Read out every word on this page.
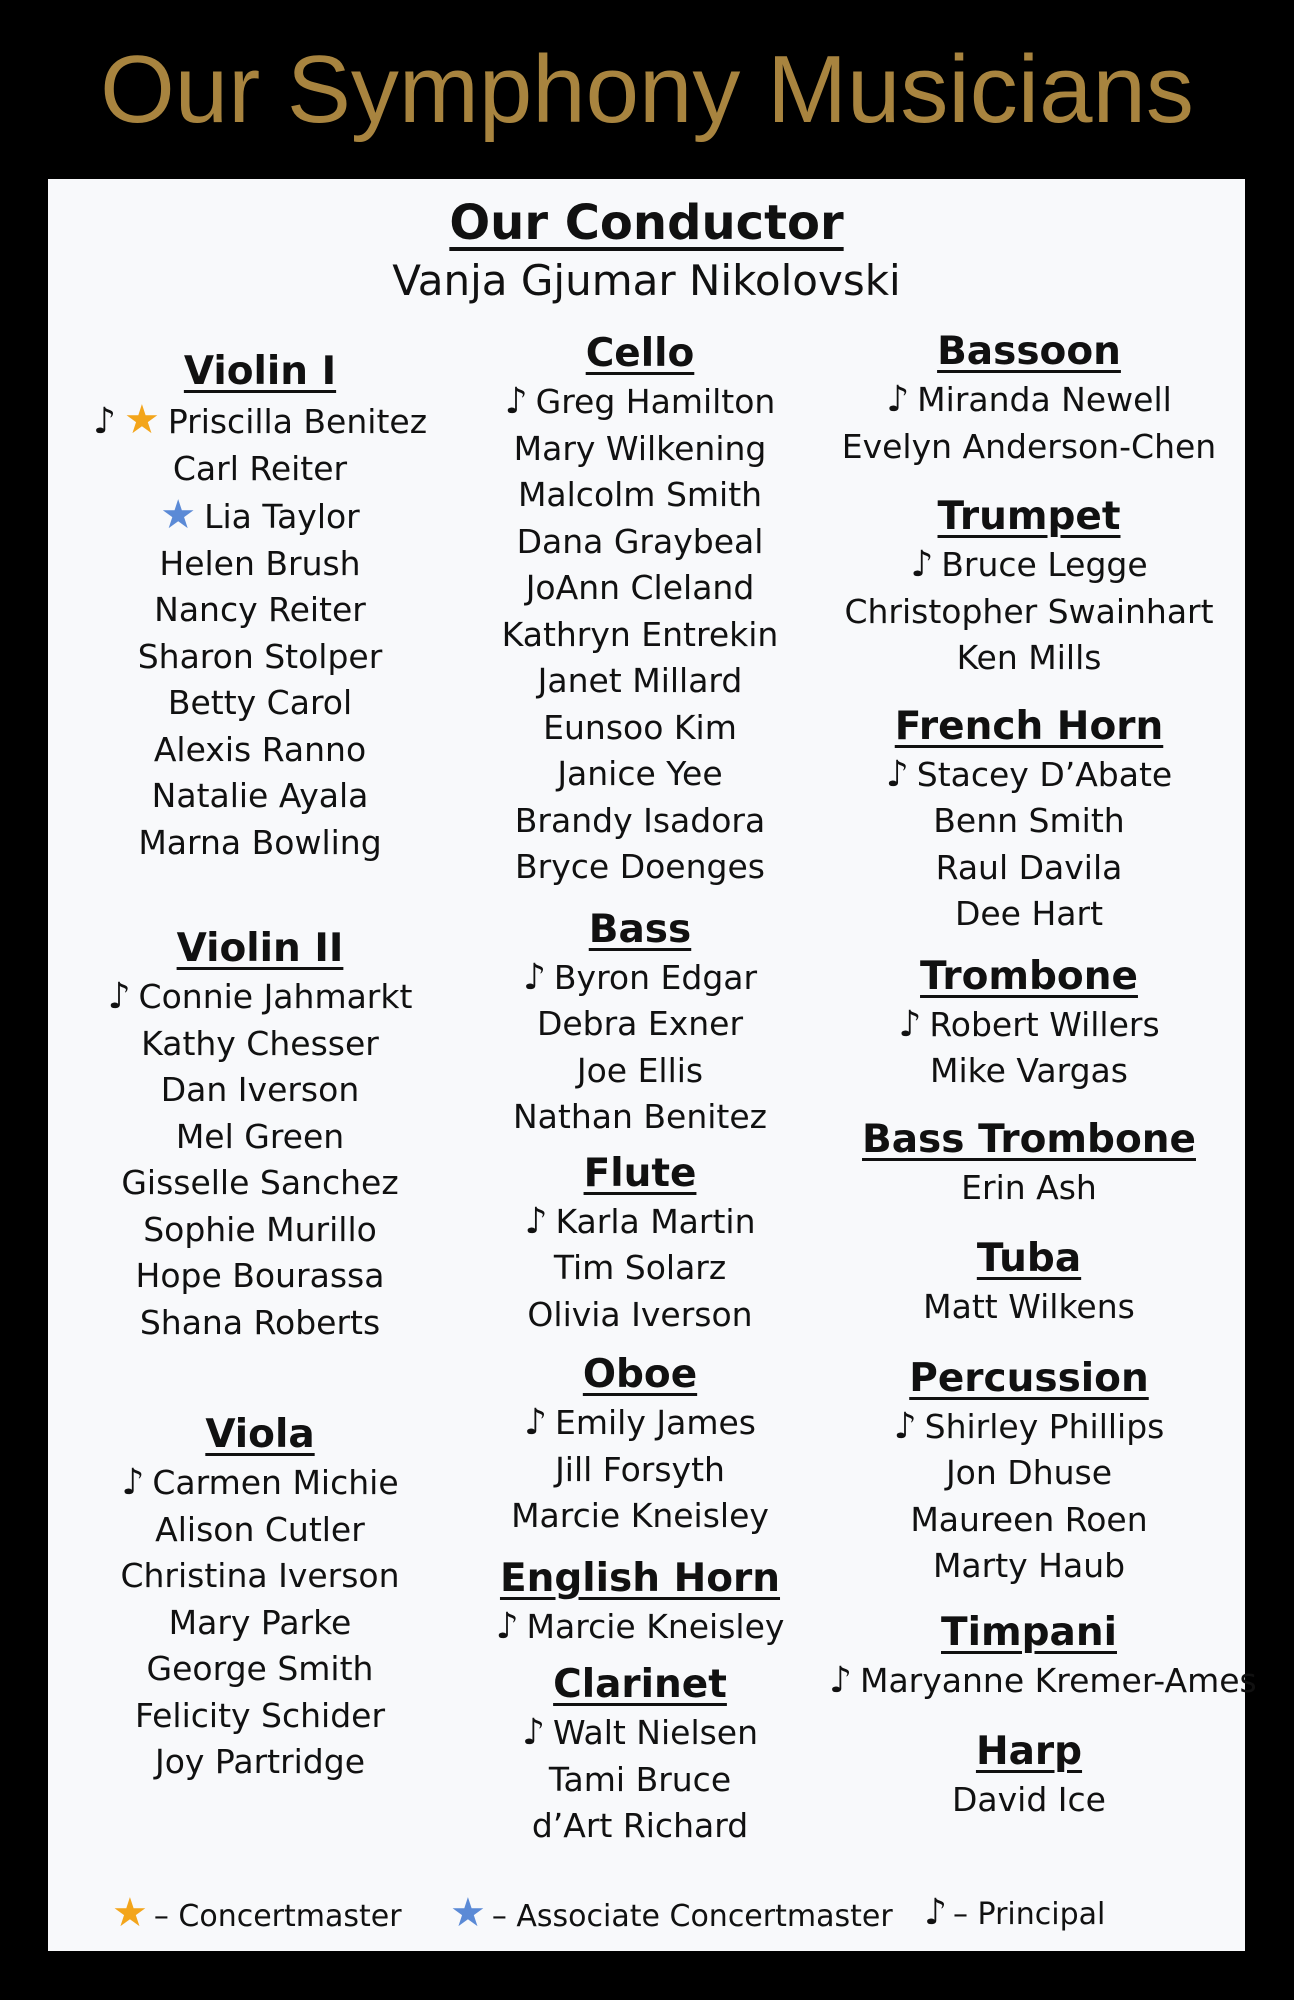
Our Symphony Musicians
Our Conductor
Vanja Gjumar Nikolovski
Violin I
♪ ★ Priscilla Benitez
Carl Reiter
★ Lia Taylor
Helen Brush
Nancy Reiter
Sharon Stolper
Betty Carol
Alexis Ranno
Natalie Ayala
Marna Bowling
Violin II
♪ Connie Jahmarkt
Kathy Chesser
Dan Iverson
Mel Green
Gisselle Sanchez
Sophie Murillo
Hope Bourassa
Shana Roberts
Viola
♪ Carmen Michie
Alison Cutler
Christina Iverson
Mary Parke
George Smith
Felicity Schider
Joy Partridge
Cello
♪ Greg Hamilton
Mary Wilkening
Malcolm Smith
Dana Graybeal
JoAnn Cleland
Kathryn Entrekin
Janet Millard
Eunsoo Kim
Janice Yee
Brandy Isadora
Bryce Doenges
Bass
♪ Byron Edgar
Debra Exner
Joe Ellis
Nathan Benitez
Flute
♪ Karla Martin
Tim Solarz
Olivia Iverson
Oboe
♪ Emily James
Jill Forsyth
Marcie Kneisley
English Horn
♪ Marcie Kneisley
Clarinet
♪ Walt Nielsen
Tami Bruce
d’Art Richard
Bassoon
♪ Miranda Newell
Evelyn Anderson-Chen
Trumpet
♪ Bruce Legge
Christopher Swainhart
Ken Mills
French Horn
♪ Stacey D’Abate
Benn Smith
Raul Davila
Dee Hart
Trombone
♪ Robert Willers
Mike Vargas
Bass Trombone
Erin Ash
Tuba
Matt Wilkens
Percussion
♪ Shirley Phillips
Jon Dhuse
Maureen Roen
Marty Haub
Timpani
♪ Maryanne Kremer-Ames
Harp
David Ice
★ – Concertmaster ★ – Associate Concertmaster ♪ – Principal
